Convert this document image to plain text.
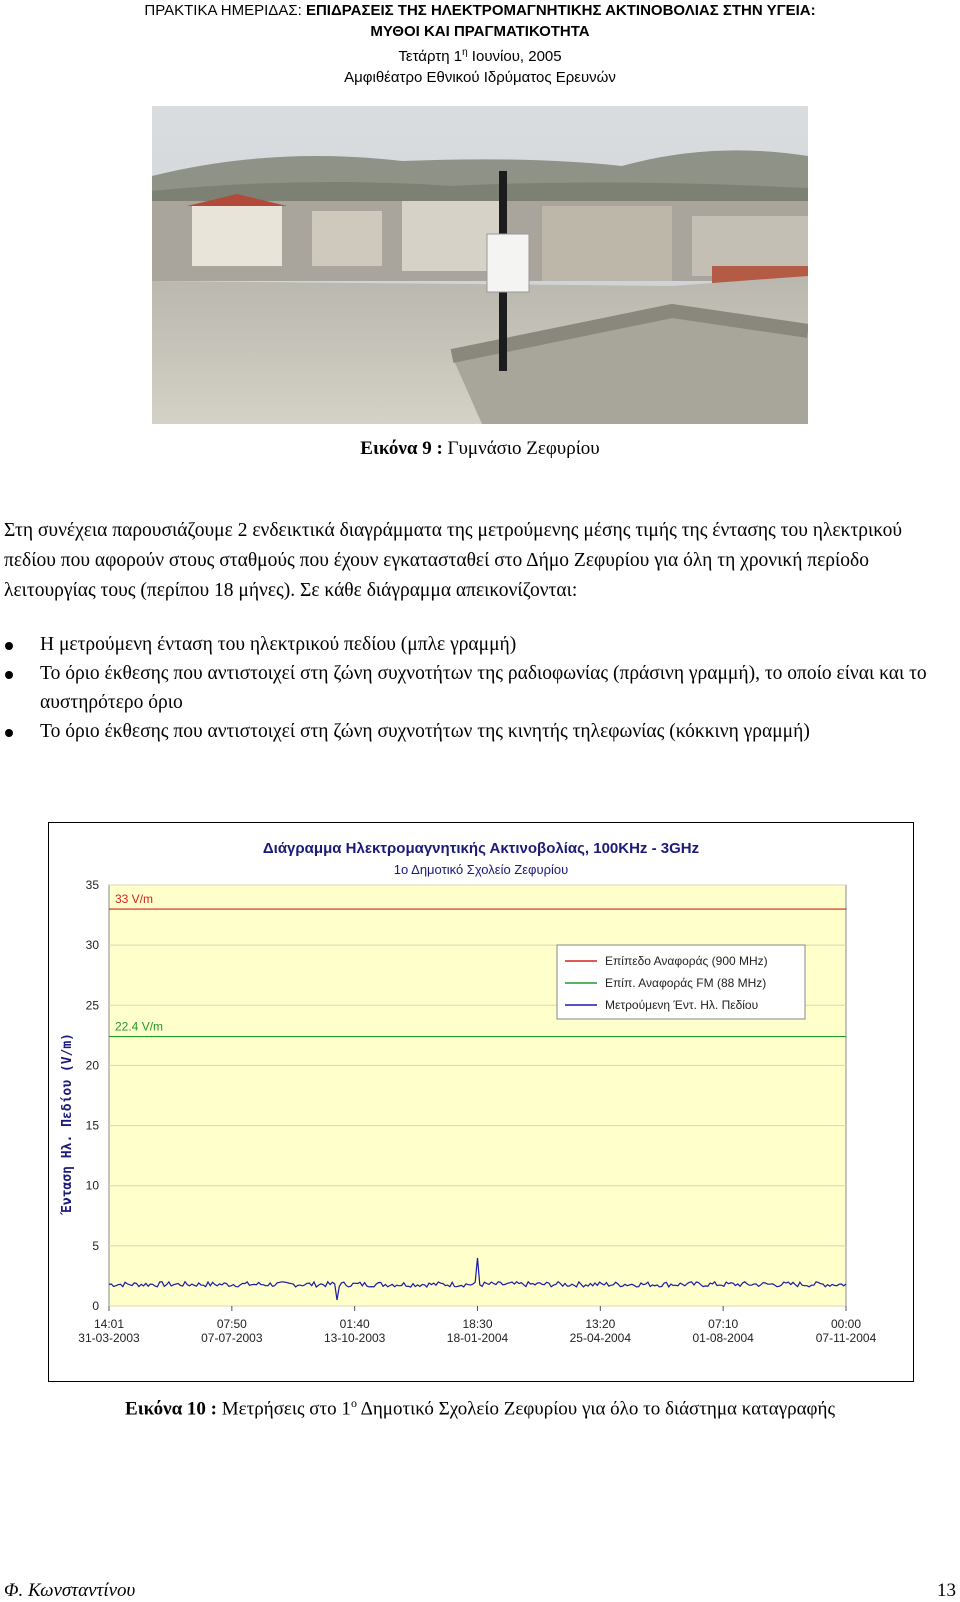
ΠΡΑΚΤΙΚΑ ΗΜΕΡΙΔΑΣ: ΕΠΙΔΡΑΣΕΙΣ ΤΗΣ ΗΛΕΚΤΡΟΜΑΓΝΗΤΙΚΗΣ ΑΚΤΙΝΟΒΟΛΙΑΣ ΣΤΗΝ ΥΓΕΙΑ:
ΜΥΘΟΙ ΚΑΙ ΠΡΑΓΜΑΤΙΚΟΤΗΤΑ
Τετάρτη $1^\eta$ Ιουνίου, 2005
Αμφιθέατρο Εθνικού Ιδρύματος Ερευνών
Εικόνα 9 : Γυμνάσιο Ζεφυρίου

Στη συνέχεια παρουσιάζουμε 2 ενδεικτικά διαγράμματα της μετρούμενης μέσης τιμής της έντασης του ηλεκτρικού πεδίου που αφορούν στους σταθμούς που έχουν εγκατασταθεί στο Δήμο Ζεφυρίου για όλη τη χρονική περίοδο λειτουργίας τους (περίπου 18 μήνες). Σε κάθε διάγραμμα απεικονίζονται:

Η μετρούμενη ένταση του ηλεκτρικού πεδίου (μπλε γραμμή)
Το όριο έκθεσης που αντιστοιχεί στη ζώνη συχνοτήτων της ραδιοφωνίας (πράσινη γραμμή), το οποίο είναι και το αυστηρότερο όριο
Το όριο έκθεσης που αντιστοιχεί στη ζώνη συχνοτήτων της κινητής τηλεφωνίας (κόκκινη γραμμή)
Διάγραμμα Ηλεκτρομαγνητικής Ακτινοβολίας, 100KHz - 3GHz
1ο Δημοτικό Σχολείο Ζεφυρίου
Ένταση Ηλ. Πεδίου (V/m)
0
5
10
15
20
25
30
35
14:01
31-03-2003
07:50
07-07-2003
01:40
13-10-2003
18:30
18-01-2004
13:20
25-04-2004
07:10
01-08-2004
00:00
07-11-2004
33 V/m
22.4 V/m
Επίπεδο Αναφοράς (900 MHz)
Επίπ. Αναφοράς FM (88 MHz)
Μετρούμενη Έντ. Ηλ. Πεδίου
Εικόνα 10 : Μετρήσεις στο $1^o$ Δημοτικό Σχολείο Ζεφυρίου για όλο το διάστημα καταγραφής
Φ. Κωνσταντίνου	13
